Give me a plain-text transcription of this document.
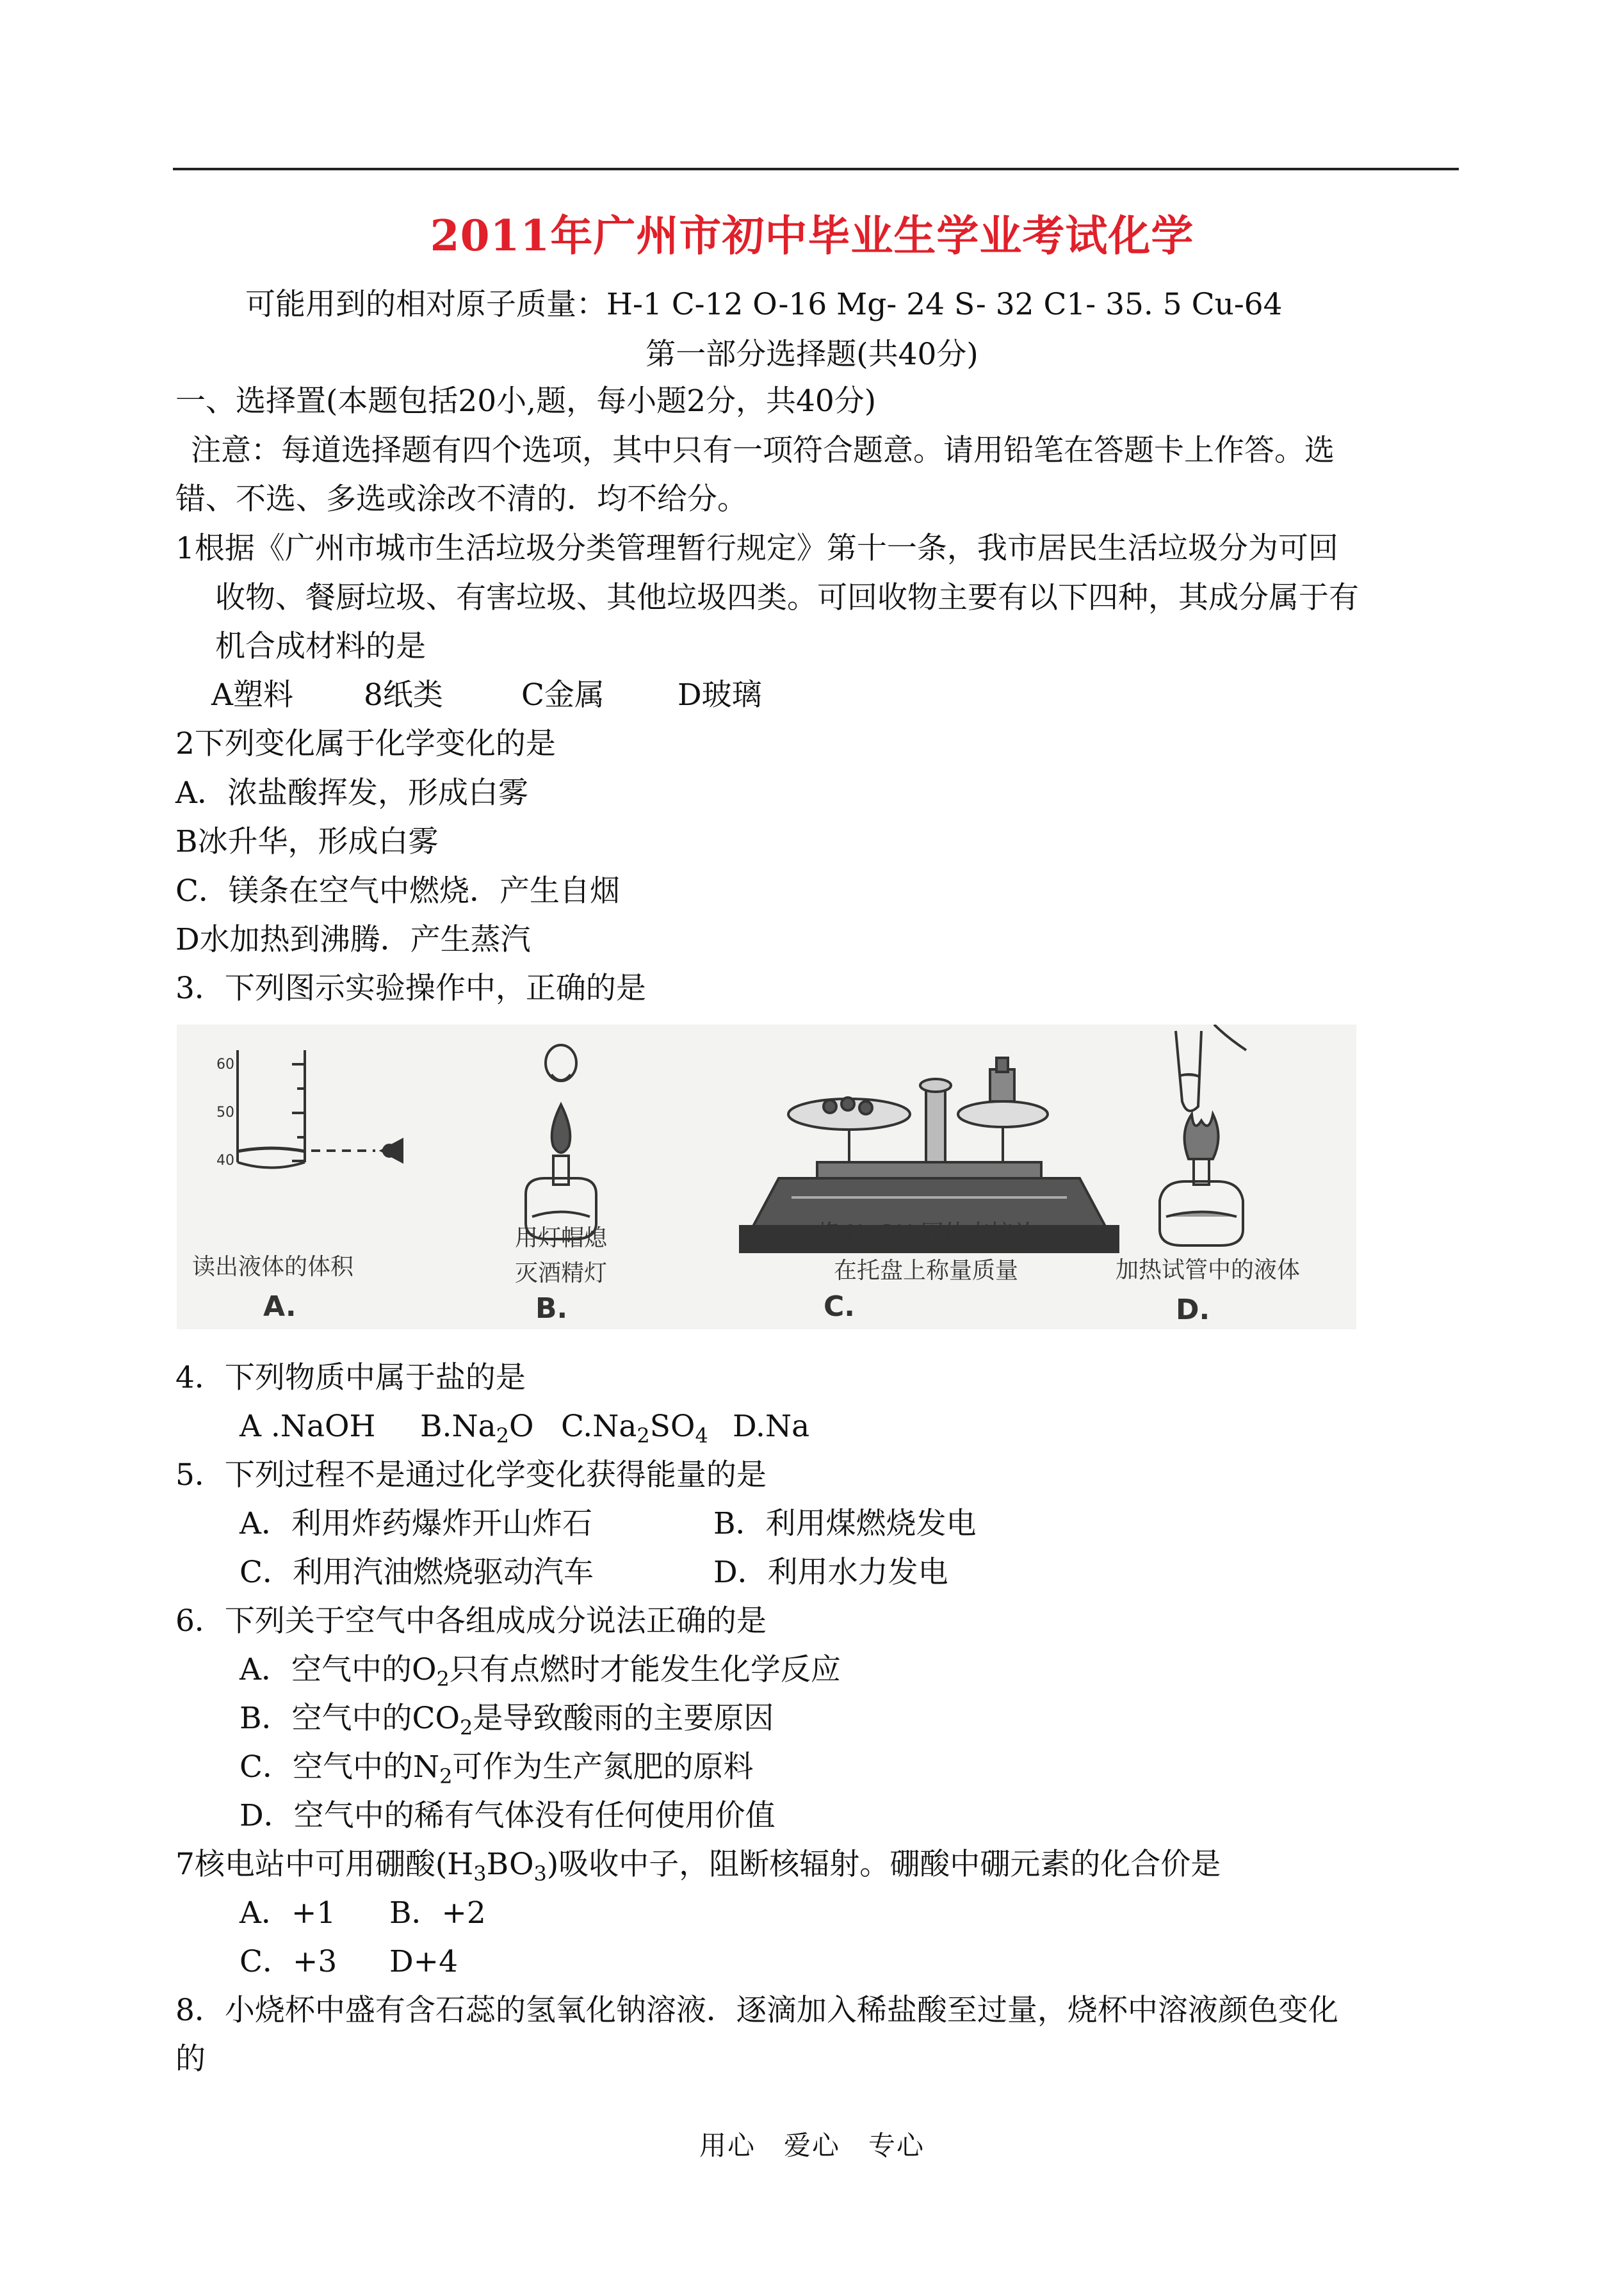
2011年广州市初中毕业生学业考试化学
可能用到的相对原子质量：H-1 C-12 O-16 Mg- 24 S- 32 C1- 35. 5 Cu-64
第一部分选择题(共40分)
一、选择置(本题包括20小,题，每小题2分，共40分)
注意：每道选择题有四个选项，其中只有一项符合题意。请用铅笔在答题卡上作答。选
错、不选、多选或涂改不清的．均不给分。
1根据《广州市城市生活垃圾分类管理暂行规定》第十一条，我市居民生活垃圾分为可回
收物、餐厨垃圾、有害垃圾、其他垃圾四类。可回收物主要有以下四种，其成分属于有
机合成材料的是
A塑料 8纸类	C金属 D玻璃
2下列变化属于化学变化的是
A．浓盐酸挥发，形成白雾
B冰升华，形成白雾
C．镁条在空气中燃烧．产生自烟
D水加热到沸腾．产生蒸汽
3．下列图示实验操作中，正确的是
60
50
40
读出液体的体积
用灯帽熄
灭酒精灯
将 NaOH 固体直接放
在托盘上称量质量	加热试管中的液体
A.	B.	C.	D.
4．下列物质中属于盐的是
A .NaOH $B.Na_2O$ $C.Na_2SO_4$ D.Na
5．下列过程不是通过化学变化获得能量的是
A．利用炸药爆炸开山炸石	B．利用煤燃烧发电
C．利用汽油燃烧驱动汽车	D．利用水力发电
6．下列关于空气中各组成成分说法正确的是
A．空气中的$O_2$只有点燃时才能发生化学反应
B．空气中的$CO_2$是导致酸雨的主要原因
C．空气中的$N_2$可作为生产氮肥的原料
D．空气中的稀有气体没有任何使用价值
7核电站中可用硼酸$(H_3BO_3)$吸收中子，阻断核辐射。硼酸中硼元素的化合价是
A．+1 B．+2
C．+3 D+4
8．小烧杯中盛有含石蕊的氢氧化钠溶液．逐滴加入稀盐酸至过量，烧杯中溶液颜色变化
的
用心　爱心　专心
